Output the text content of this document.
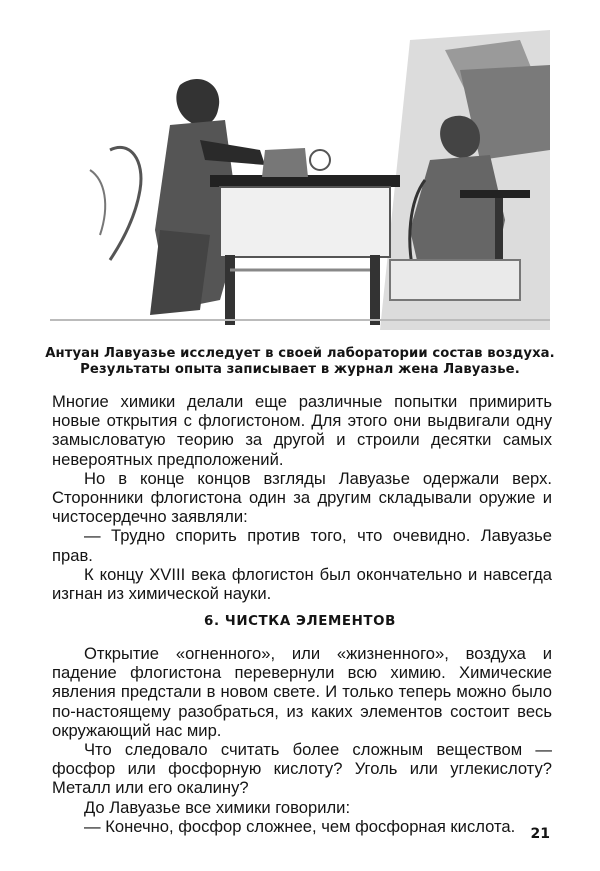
Антуан Лавуазье исследует в своей лаборатории состав воздуха.
Результаты опыта записывает в журнал жена Лавуазье.

Многие химики делали еще различные попытки примирить новые открытия с флогистоном. Для этого они выдвигали одну замысловатую теорию за другой и строили десятки самых невероятных предположений.

Но в конце концов взгляды Лавуазье одержали верх. Сторонники флогистона один за другим складывали оружие и чистосердечно заявляли:

— Трудно спорить против того, что очевидно. Лавуазье прав.

К концу XVIII века флогистон был окончательно и навсегда изгнан из химической науки.

6. ЧИСТКА ЭЛЕМЕНТОВ

Открытие «огненного», или «жизненного», воздуха и падение флогистона перевернули всю химию. Химические явления предстали в новом свете. И только теперь можно было по-настоящему разобраться, из каких элементов состоит весь окружающий нас мир.

Что следовало считать более сложным веществом — фосфор или фосфорную кислоту? Уголь или углекислоту? Металл или его окалину?

До Лавуазье все химики говорили:

— Конечно, фосфор сложнее, чем фосфорная кислота.	21
